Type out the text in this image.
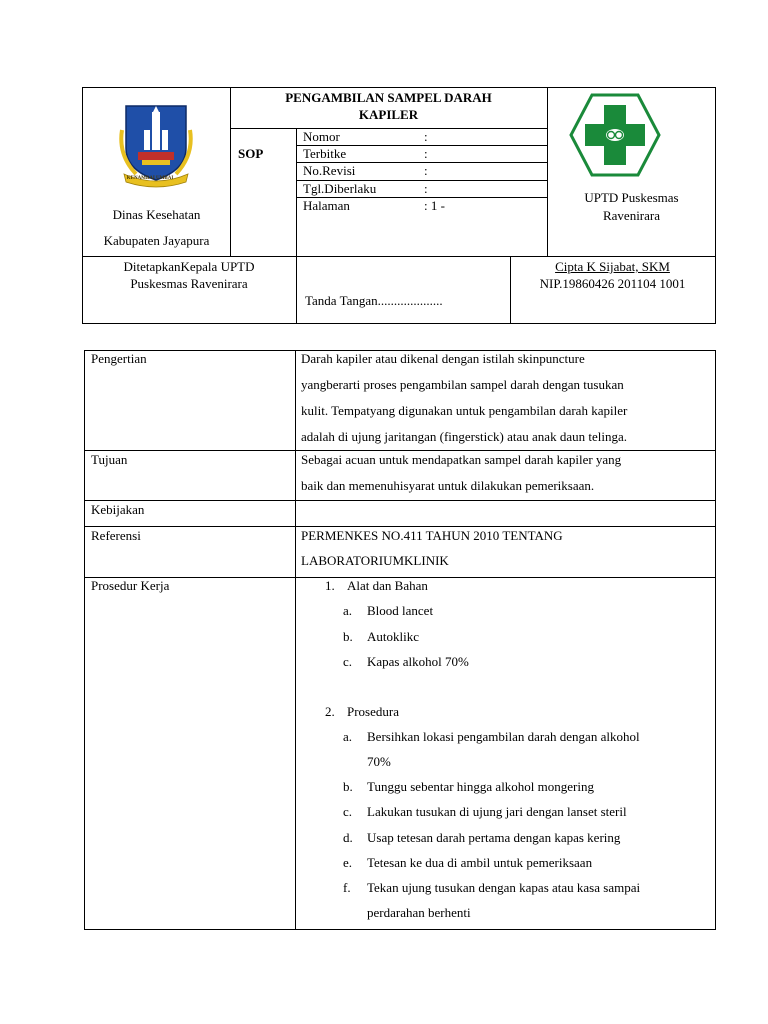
KENAMBAI UMBAI
Dinas Kesehatan
Kabupaten Jayapura
PENGAMBILAN SAMPEL DARAH
KAPILER
SOP
Nomor	:
Terbitke	:
No.Revisi	:
Tgl.Diberlaku	:
Halaman	: 1 -
UPTD Puskesmas
Ravenirara
DitetapkanKepala UPTD
Puskesmas Ravenirara
Tanda Tangan....................
Cipta K Sijabat, SKM
NIP.19860426 201104 1001
Pengertian	Darah kapiler atau dikenal dengan istilah skinpuncture
yangberarti proses pengambilan sampel darah dengan tusukan
kulit. Tempatyang digunakan untuk pengambilan darah kapiler
adalah di ujung jaritangan (fingerstick) atau anak daun telinga.
Tujuan	Sebagai acuan untuk mendapatkan sampel darah kapiler yang
baik dan memenuhisyarat untuk dilakukan pemeriksaan.
Kebijakan
Referensi	PERMENKES NO.411 TAHUN 2010 TENTANG
LABORATORIUMKLINIK
Prosedur Kerja	1. Alat dan Bahan
a. Blood lancet
b. Autoklikc
c. Kapas alkohol 70%
2. Prosedura
a. Bersihkan lokasi pengambilan darah dengan alkohol
70%
b. Tunggu sebentar hingga alkohol mongering
c. Lakukan tusukan di ujung jari dengan lanset steril
d. Usap tetesan darah pertama dengan kapas kering
e. Tetesan ke dua di ambil untuk pemeriksaan
f. Tekan ujung tusukan dengan kapas atau kasa sampai
perdarahan berhenti
